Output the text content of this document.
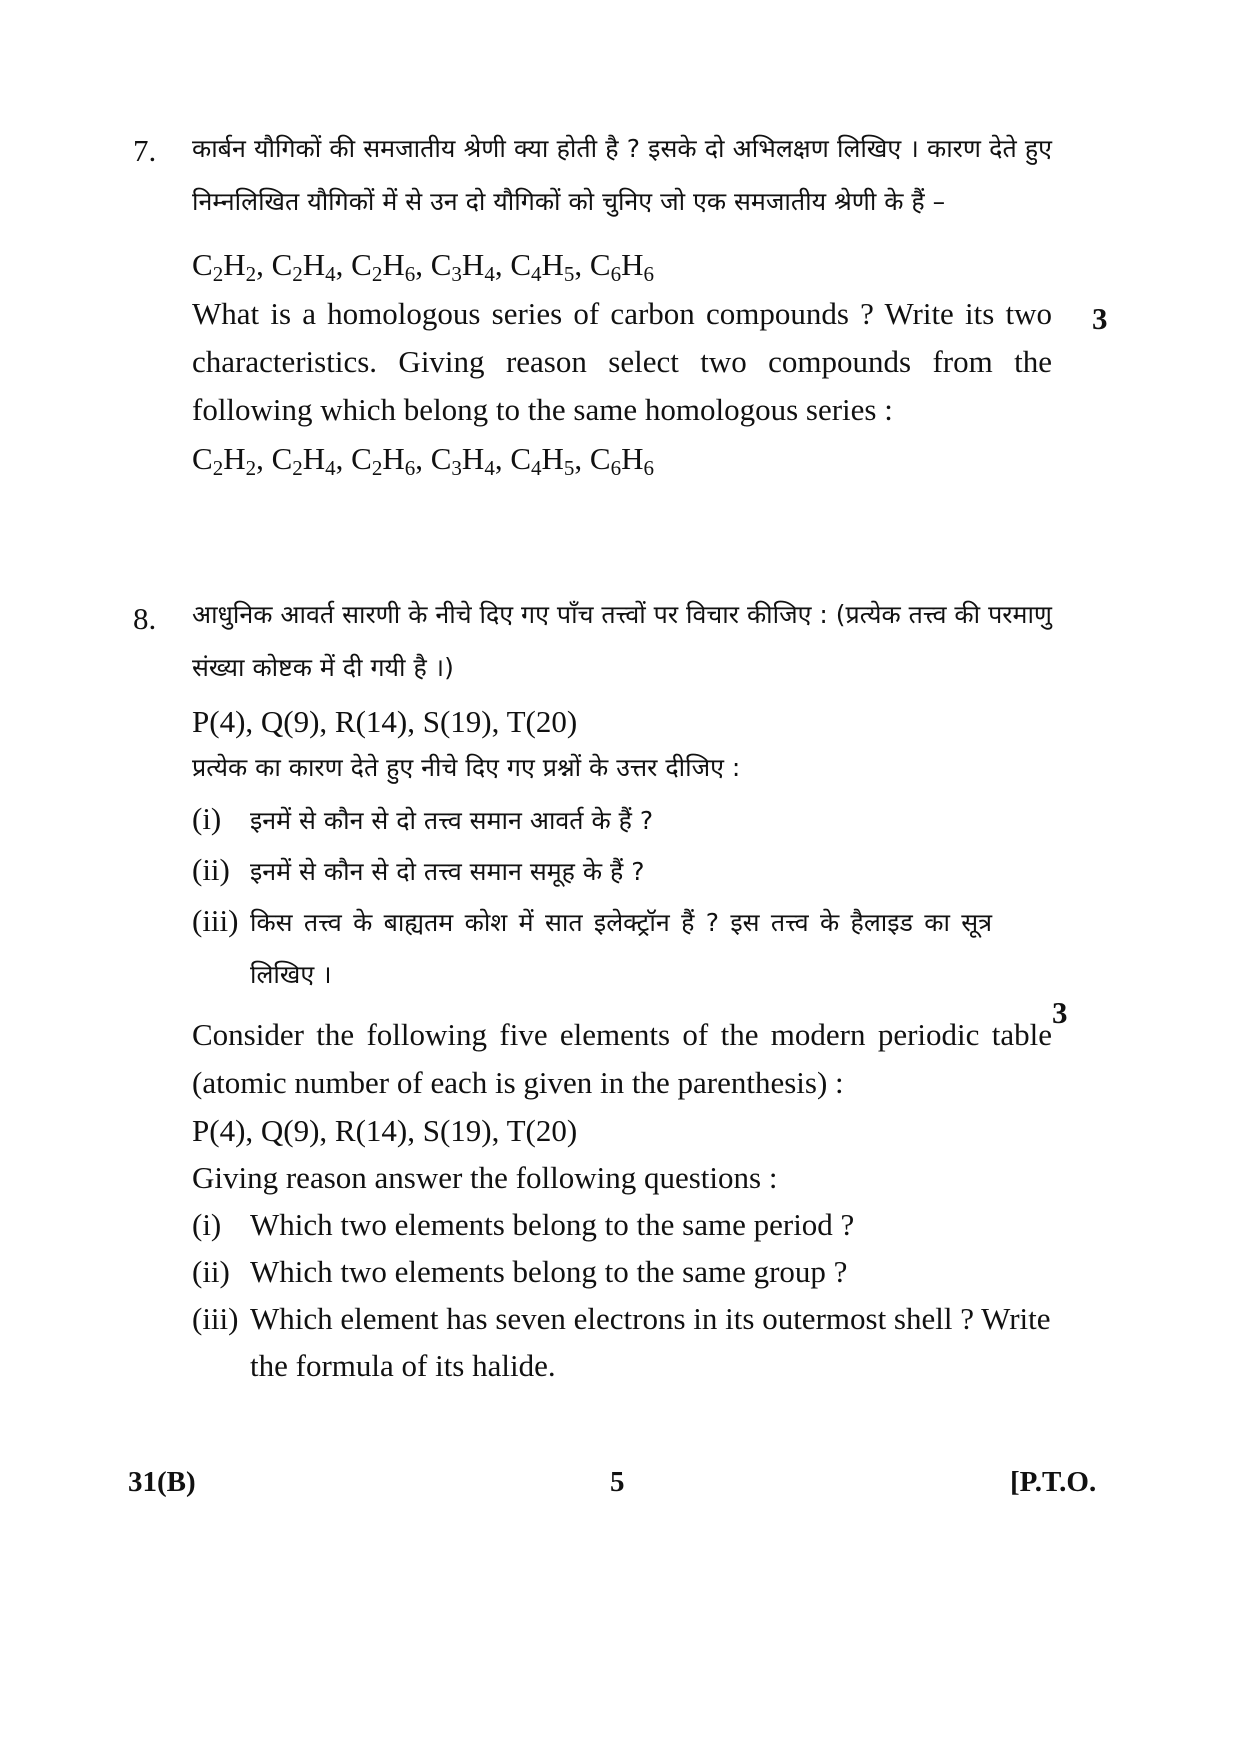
7. कार्बन यौगिकों की समजातीय श्रेणी क्या होती है ? इसके दो अभिलक्षण लिखिए । कारण देते हुए निम्नलिखित यौगिकों में से उन दो यौगिकों को चुनिए जो एक समजातीय श्रेणी के हैं –

$C_2H_2$, $C_2H_4$, $C_2H_6$, $C_3H_4$, $C_4H_5$, $C_6H_6$

What is a homologous series of carbon compounds ? Write its two characteristics. Giving reason select two compounds from the following which belong to the same homologous series :

$C_2H_2$, $C_2H_4$, $C_2H_6$, $C_3H_4$, $C_4H_5$, $C_6H_6$

3
8. आधुनिक आवर्त सारणी के नीचे दिए गए पाँच तत्त्वों पर विचार कीजिए : (प्रत्येक तत्त्व की परमाणु संख्या कोष्टक में दी गयी है ।)

P(4), Q(9), R(14), S(19), T(20)

प्रत्येक का कारण देते हुए नीचे दिए गए प्रश्नों के उत्तर दीजिए :

(i) इनमें से कौन से दो तत्त्व समान आवर्त के हैं ?
(ii) इनमें से कौन से दो तत्त्व समान समूह के हैं ?
(iii) किस तत्त्व के बाह्यतम कोश में सात इलेक्ट्रॉन हैं ? इस तत्त्व के हैलाइड का सूत्र लिखिए ।

Consider the following five elements of the modern periodic table (atomic number of each is given in the parenthesis) :

P(4), Q(9), R(14), S(19), T(20)

Giving reason answer the following questions :

(i) Which two elements belong to the same period ?
(ii) Which two elements belong to the same group ?
(iii) Which element has seven electrons in its outermost shell ? Write the formula of its halide.

3
31(B)	5	[P.T.O.
